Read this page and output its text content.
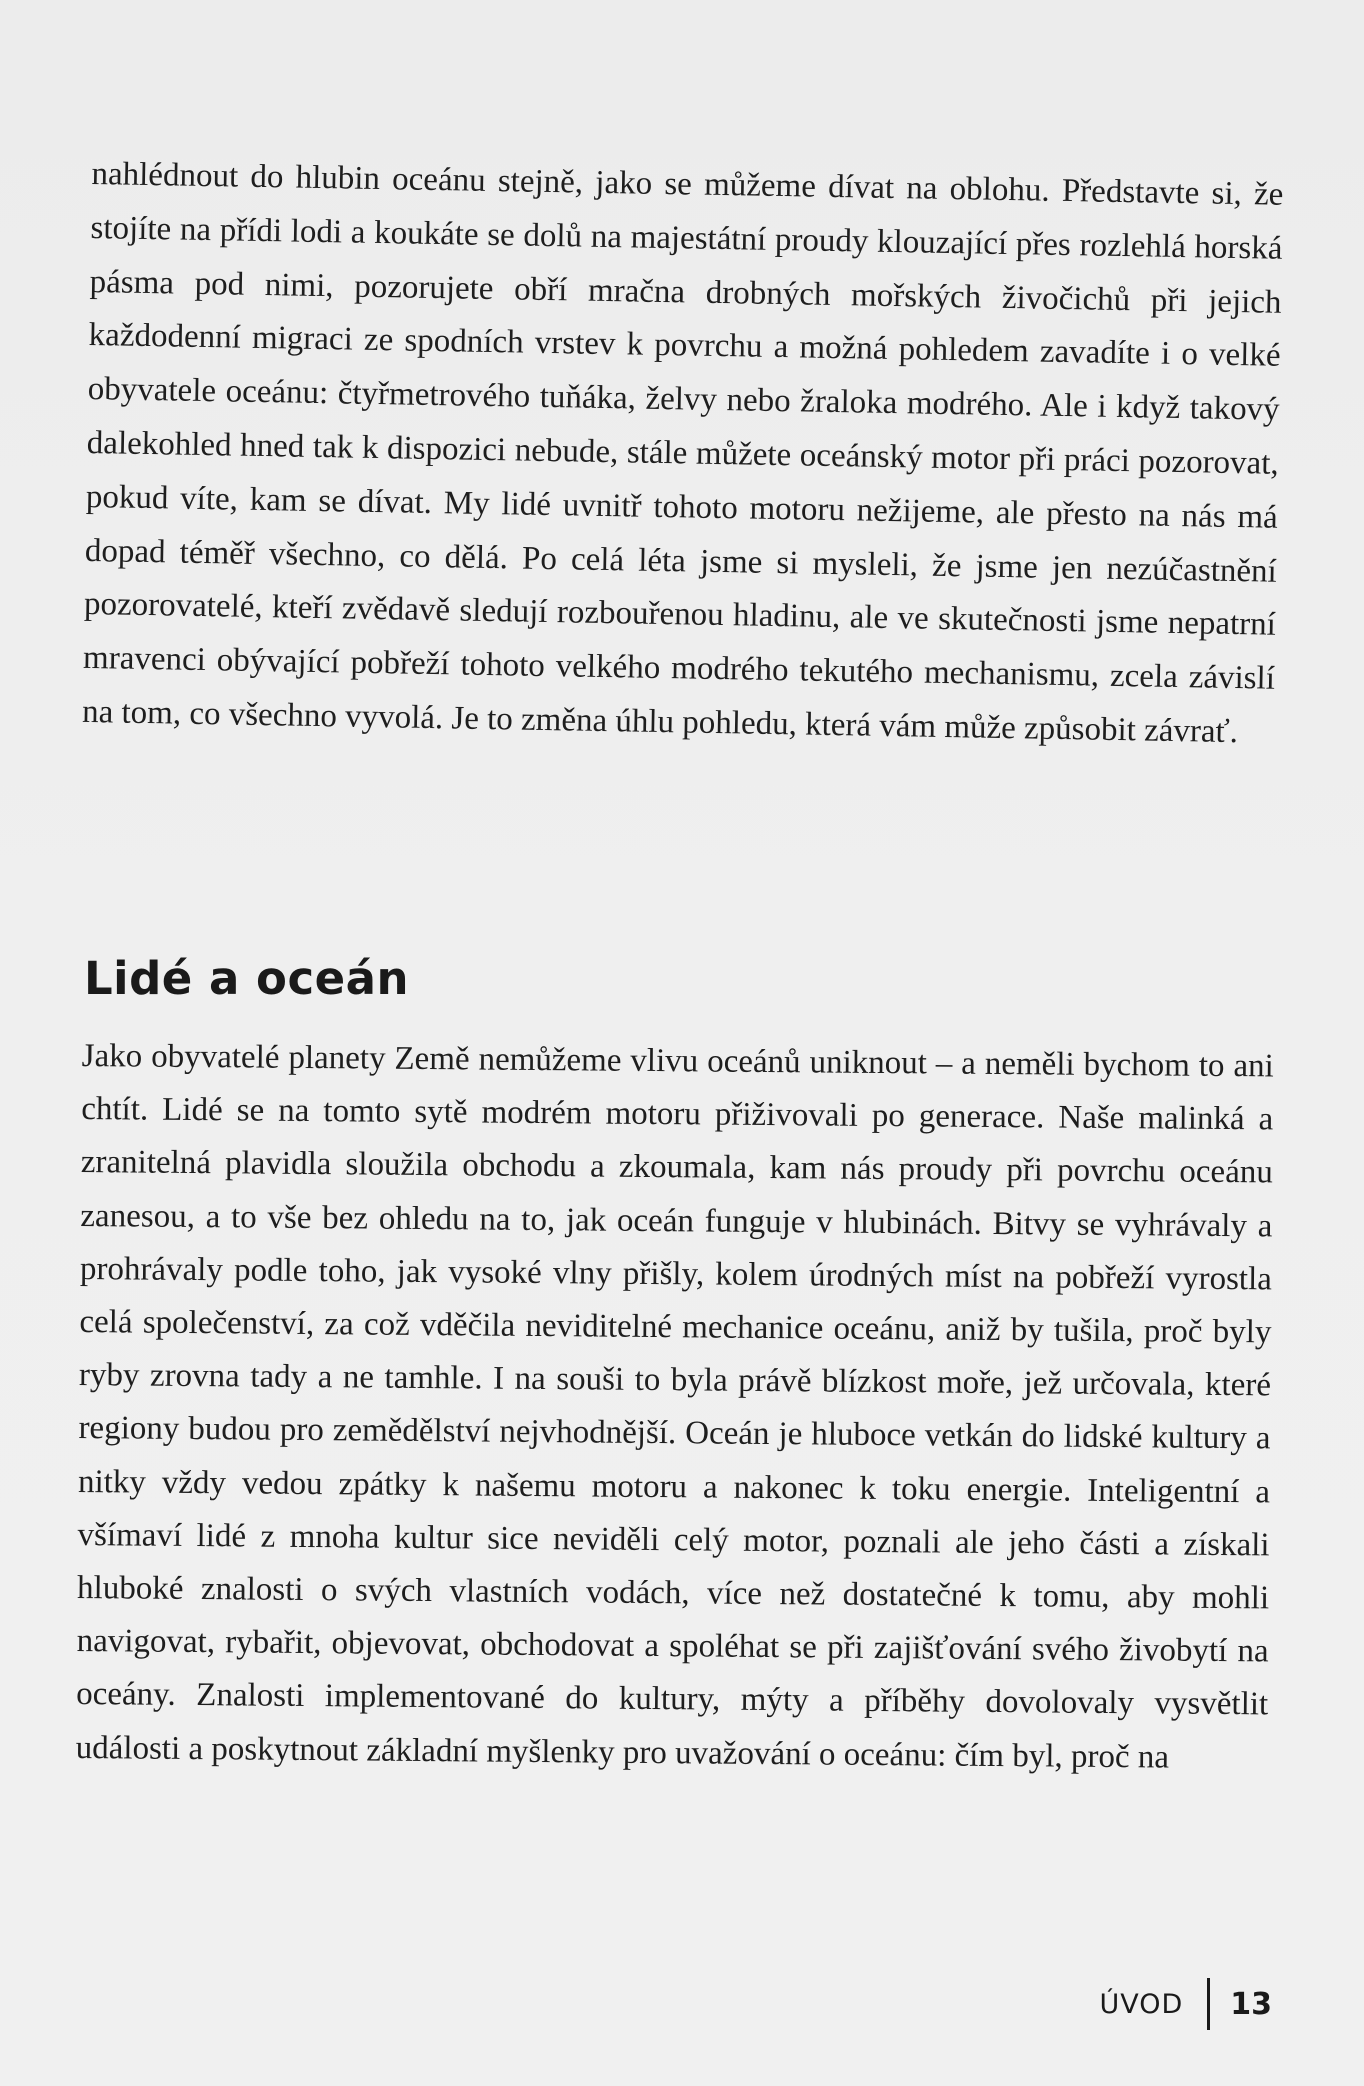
nahlédnout do hlubin oceánu stejně, jako se můžeme dívat na oblohu. Představte si, že stojíte na přídi lodi a koukáte se dolů na majestátní proudy klouzající přes rozlehlá horská pásma pod nimi, pozorujete obří mračna drobných mořských živočichů při jejich každodenní migraci ze spodních vrstev k povrchu a možná pohledem zavadíte i o velké obyvatele oceánu: čtyřmetrového tuňáka, želvy nebo žraloka modrého. Ale i když takový dalekohled hned tak k dispozici nebude, stále můžete oceánský motor při práci pozorovat, pokud víte, kam se dívat. My lidé uvnitř tohoto motoru nežijeme, ale přesto na nás má dopad téměř všechno, co dělá. Po celá léta jsme si mysleli, že jsme jen nezúčastnění pozorovatelé, kteří zvědavě sledují rozbouřenou hladinu, ale ve skutečnosti jsme nepatrní mravenci obývající pobřeží tohoto velkého modrého tekutého mechanismu, zcela závislí na tom, co všechno vyvolá. Je to změna úhlu pohledu, která vám může způsobit závrať.

Lidé a oceán

Jako obyvatelé planety Země nemůžeme vlivu oceánů uniknout – a neměli bychom to ani chtít. Lidé se na tomto sytě modrém motoru přiživovali po generace. Naše malinká a zranitelná plavidla sloužila obchodu a zkoumala, kam nás proudy při povrchu oceánu zanesou, a to vše bez ohledu na to, jak oceán funguje v hlubinách. Bitvy se vyhrávaly a prohrávaly podle toho, jak vysoké vlny přišly, kolem úrodných míst na pobřeží vyrostla celá společenství, za což vděčila neviditelné mechanice oceánu, aniž by tušila, proč byly ryby zrovna tady a ne tamhle. I na souši to byla právě blízkost moře, jež určovala, které regiony budou pro zemědělství nejvhodnější. Oceán je hluboce vetkán do lidské kultury a nitky vždy vedou zpátky k našemu motoru a nakonec k toku energie. Inteligentní a všímaví lidé z mnoha kultur sice neviděli celý motor, poznali ale jeho části a získali hluboké znalosti o svých vlastních vodách, více než dostatečné k tomu, aby mohli navigovat, rybařit, objevovat, obchodovat a spoléhat se při zajišťování svého živobytí na oceány. Znalosti implementované do kultury, mýty a příběhy dovolovaly vysvětlit události a poskytnout základní myšlenky pro uvažování o oceánu: čím byl, proč na

ÚVOD 13
